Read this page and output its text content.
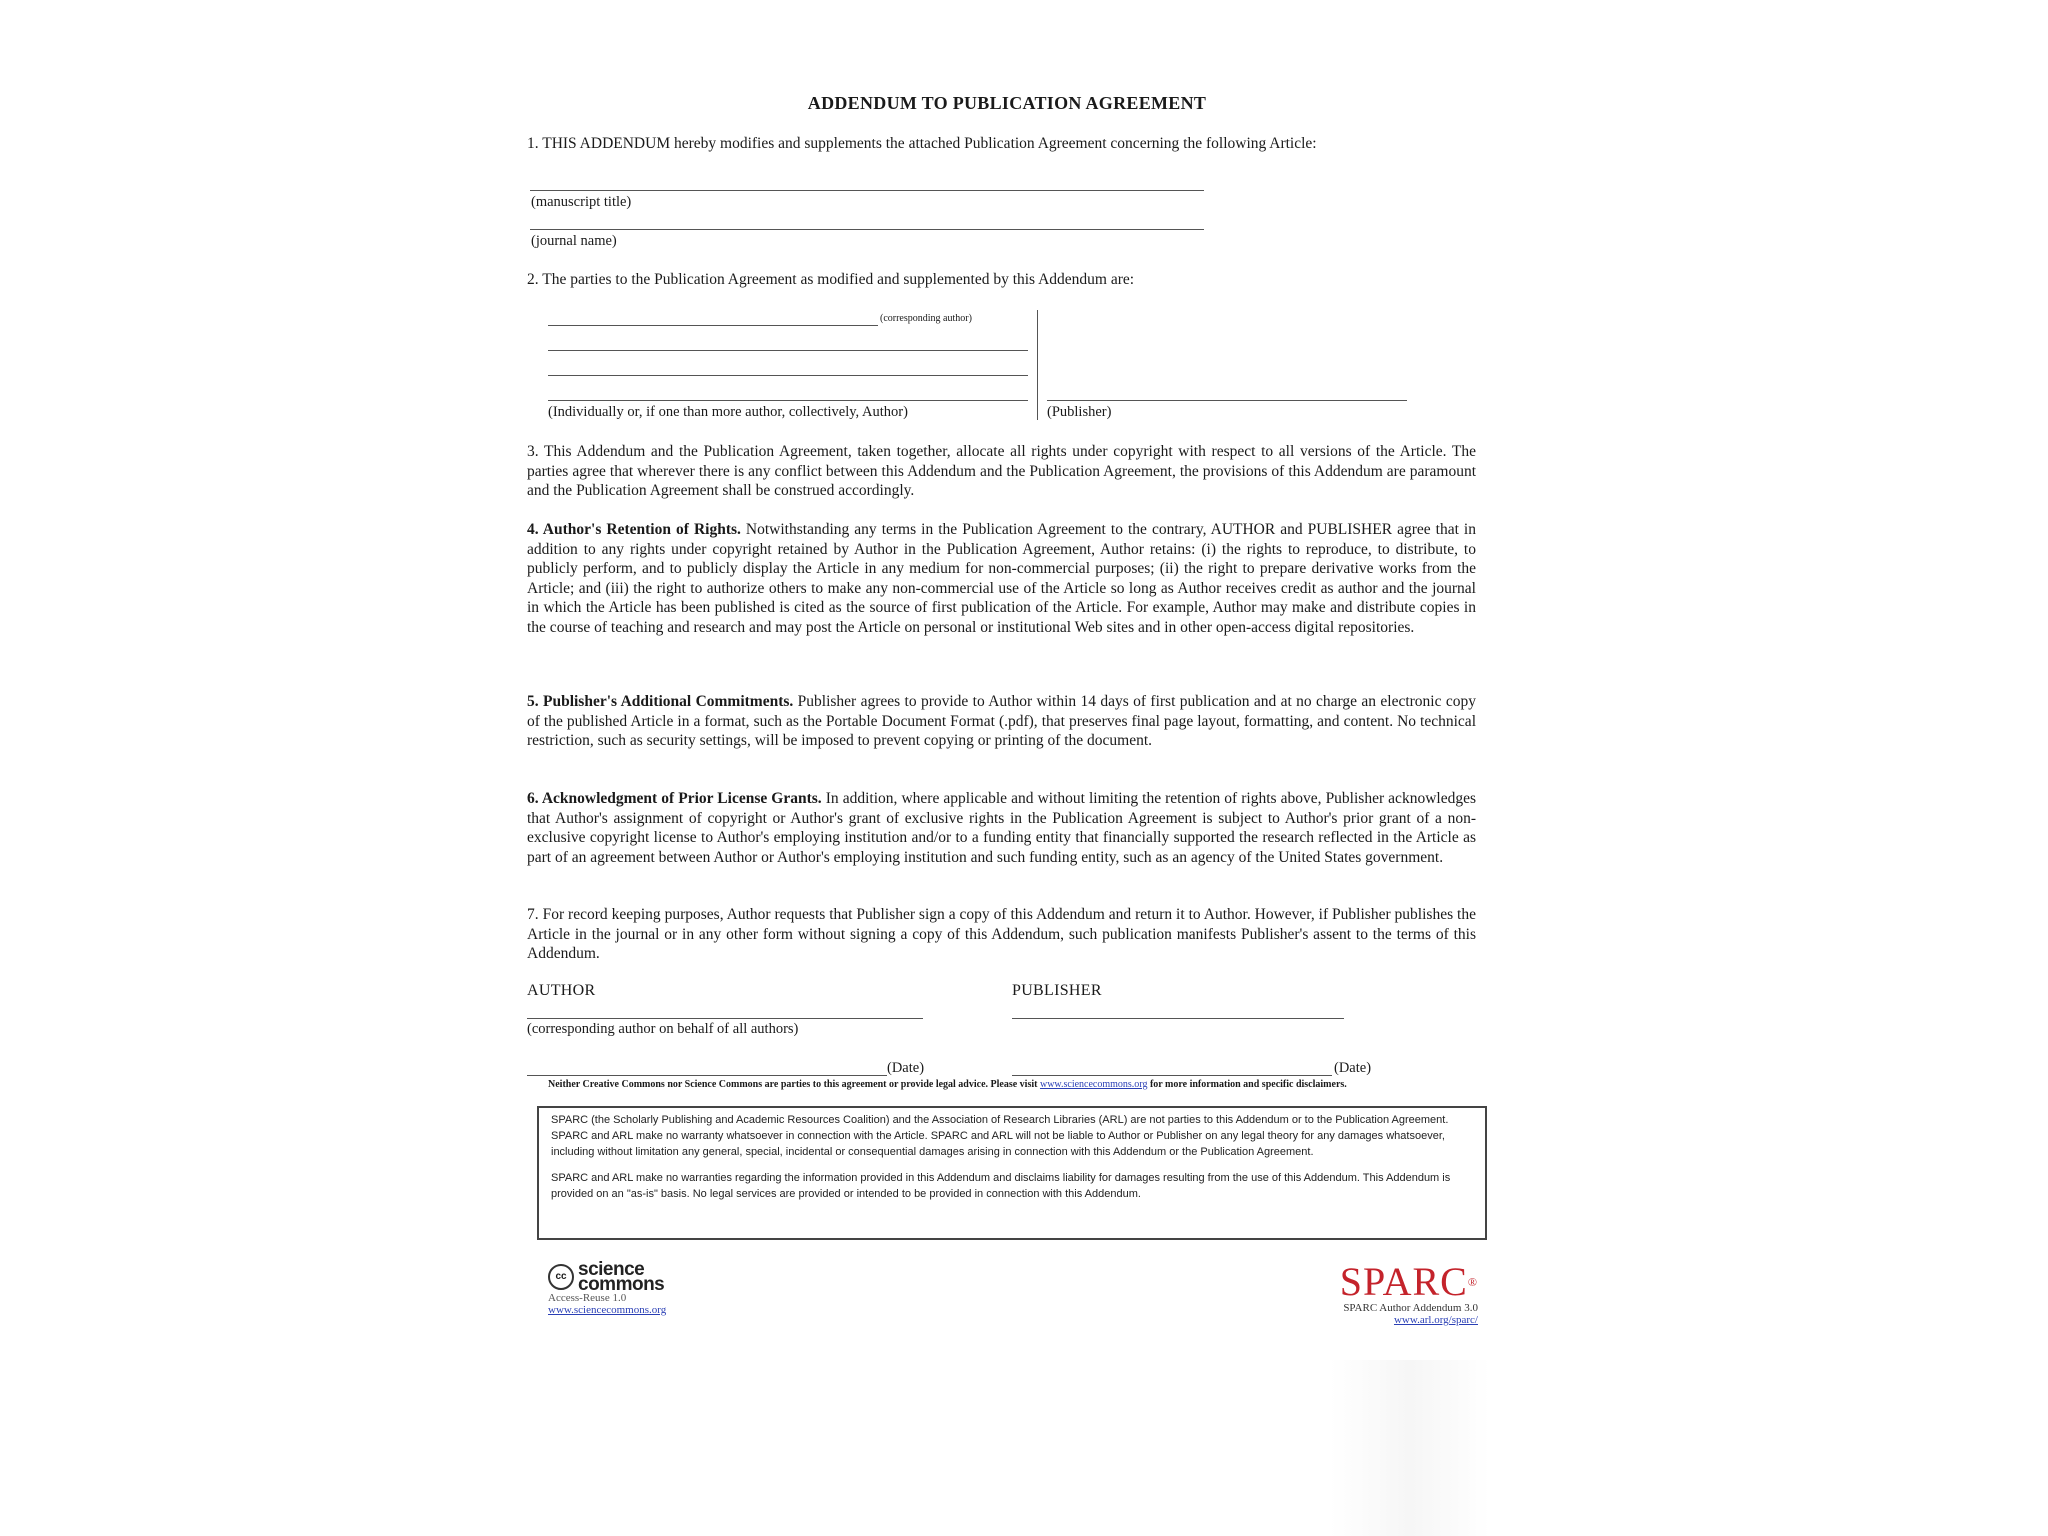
ADDENDUM TO PUBLICATION AGREEMENT
1. THIS ADDENDUM hereby modifies and supplements the attached Publication Agreement concerning the following Article:
(manuscript title)
(journal name)
2. The parties to the Publication Agreement as modified and supplemented by this Addendum are:
(corresponding author)
(Individually or, if one than more author, collectively, Author)	(Publisher)
3. This Addendum and the Publication Agreement, taken together, allocate all rights under copyright with respect to all versions of the Article. The parties agree that wherever there is any conflict between this Addendum and the Publication Agreement, the provisions of this Addendum are paramount and the Publication Agreement shall be construed accordingly.
4. Author's Retention of Rights. Notwithstanding any terms in the Publication Agreement to the contrary, AUTHOR and PUBLISHER agree that in addition to any rights under copyright retained by Author in the Publication Agreement, Author retains: (i) the rights to reproduce, to distribute, to publicly perform, and to publicly display the Article in any medium for non-commercial purposes; (ii) the right to prepare derivative works from the Article; and (iii) the right to authorize others to make any non-commercial use of the Article so long as Author receives credit as author and the journal in which the Article has been published is cited as the source of first publication of the Article. For example, Author may make and distribute copies in the course of teaching and research and may post the Article on personal or institutional Web sites and in other open-access digital repositories.
5. Publisher's Additional Commitments. Publisher agrees to provide to Author within 14 days of first publication and at no charge an electronic copy of the published Article in a format, such as the Portable Document Format (.pdf), that preserves final page layout, formatting, and content. No technical restriction, such as security settings, will be imposed to prevent copying or printing of the document.
6. Acknowledgment of Prior License Grants. In addition, where applicable and without limiting the retention of rights above, Publisher acknowledges that Author's assignment of copyright or Author's grant of exclusive rights in the Publication Agreement is subject to Author's prior grant of a non-exclusive copyright license to Author's employing institution and/or to a funding entity that financially supported the research reflected in the Article as part of an agreement between Author or Author's employing institution and such funding entity, such as an agency of the United States government.
7. For record keeping purposes, Author requests that Publisher sign a copy of this Addendum and return it to Author. However, if Publisher publishes the Article in the journal or in any other form without signing a copy of this Addendum, such publication manifests Publisher's assent to the terms of this Addendum.
AUTHOR	PUBLISHER
(corresponding author on behalf of all authors)
(Date)	(Date)
Neither Creative Commons nor Science Commons are parties to this agreement or provide legal advice. Please visit www.sciencecommons.org for more information and specific disclaimers.

SPARC (the Scholarly Publishing and Academic Resources Coalition) and the Association of Research Libraries (ARL) are not parties to this Addendum or to the Publication Agreement. SPARC and ARL make no warranty whatsoever in connection with the Article. SPARC and ARL will not be liable to Author or Publisher on any legal theory for any damages whatsoever, including without limitation any general, special, incidental or consequential damages arising in connection with this Addendum or the Publication Agreement.

SPARC and ARL make no warranties regarding the information provided in this Addendum and disclaims liability for damages resulting from the use of this Addendum. This Addendum is provided on an "as-is" basis. No legal services are provided or intended to be provided in connection with this Addendum.

cc science
commons
Access-Reuse 1.0
www.sciencecommons.org
SPARC®
SPARC Author Addendum 3.0
www.arl.org/sparc/
